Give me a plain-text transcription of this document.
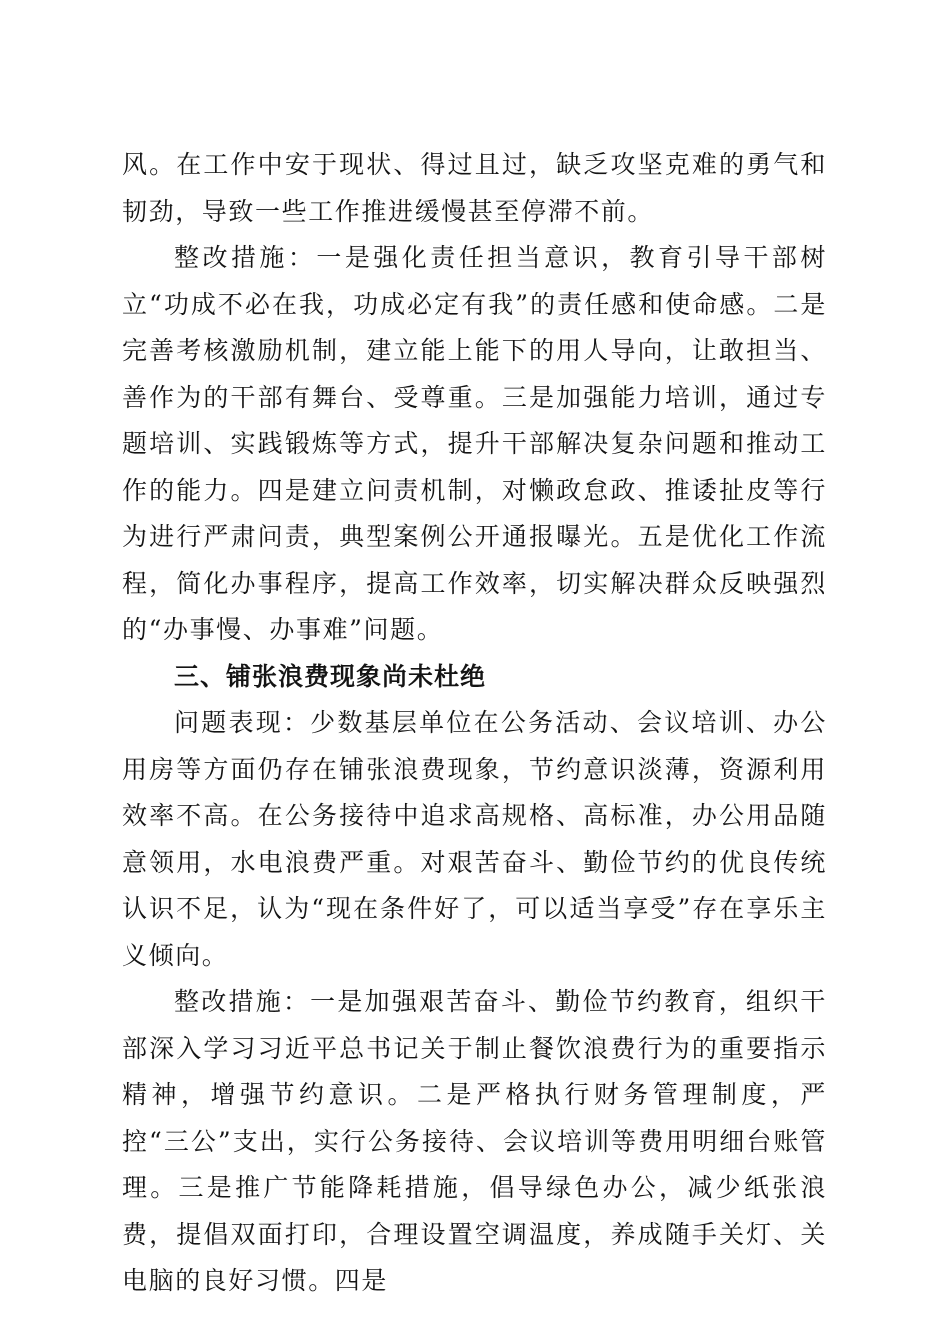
风。在工作中安于现状、得过且过，缺乏攻坚克难的勇气和韧劲，导致一些工作推进缓慢甚至停滞不前。

整改措施：一是强化责任担当意识，教育引导干部树立“功成不必在我，功成必定有我”的责任感和使命感。二是完善考核激励机制，建立能上能下的用人导向，让敢担当、善作为的干部有舞台、受尊重。三是加强能力培训，通过专题培训、实践锻炼等方式，提升干部解决复杂问题和推动工作的能力。四是建立问责机制，对懒政怠政、推诿扯皮等行为进行严肃问责，典型案例公开通报曝光。五是优化工作流程，简化办事程序，提高工作效率，切实解决群众反映强烈的“办事慢、办事难”问题。

三、铺张浪费现象尚未杜绝

问题表现：少数基层单位在公务活动、会议培训、办公用房等方面仍存在铺张浪费现象，节约意识淡薄，资源利用效率不高。在公务接待中追求高规格、高标准，办公用品随意领用，水电浪费严重。对艰苦奋斗、勤俭节约的优良传统认识不足，认为“现在条件好了，可以适当享受”存在享乐主义倾向。

整改措施：一是加强艰苦奋斗、勤俭节约教育，组织干部深入学习习近平总书记关于制止餐饮浪费行为的重要指示精神，增强节约意识。二是严格执行财务管理制度，严控“三公”支出，实行公务接待、会议培训等费用明细台账管理。三是推广节能降耗措施，倡导绿色办公，减少纸张浪费，提倡双面打印，合理设置空调温度，养成随手关灯、关电脑的良好习惯。四是
